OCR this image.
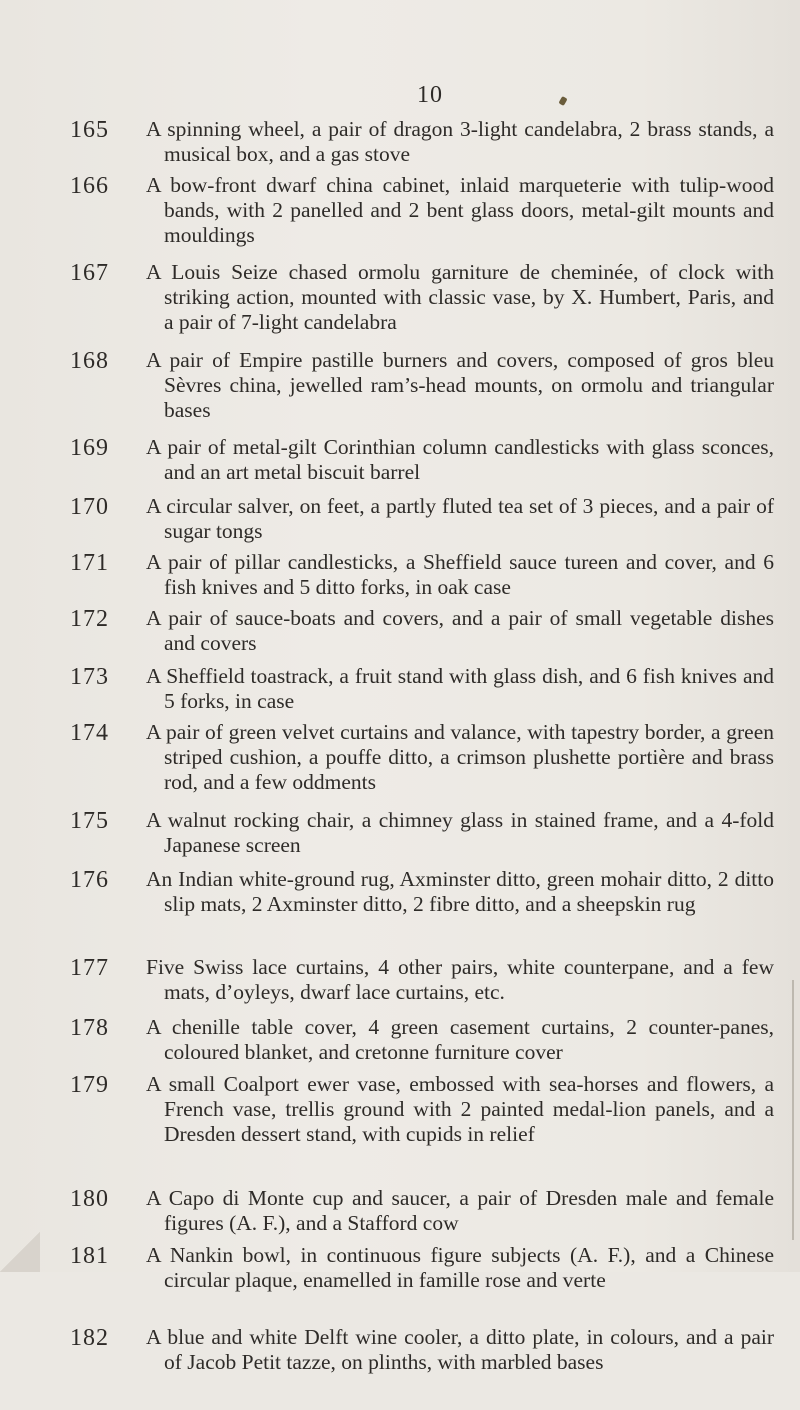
10
165 A spinning wheel, a pair of dragon 3-light candelabra, 2 brass stands, a musical box, and a gas stove
166 A bow-front dwarf china cabinet, inlaid marqueterie with tulip-wood bands, with 2 panelled and 2 bent glass doors, metal-gilt mounts and mouldings
167 A Louis Seize chased ormolu garniture de cheminée, of clock with striking action, mounted with classic vase, by X. Humbert, Paris, and a pair of 7-light candelabra
168 A pair of Empire pastille burners and covers, composed of gros bleu Sèvres china, jewelled ram’s-head mounts, on ormolu and triangular bases
169 A pair of metal-gilt Corinthian column candlesticks with glass sconces, and an art metal biscuit barrel
170 A circular salver, on feet, a partly fluted tea set of 3 pieces, and a pair of sugar tongs
171 A pair of pillar candlesticks, a Sheffield sauce tureen and cover, and 6 fish knives and 5 ditto forks, in oak case
172 A pair of sauce-boats and covers, and a pair of small vegetable dishes and covers
173 A Sheffield toastrack, a fruit stand with glass dish, and 6 fish knives and 5 forks, in case
174 A pair of green velvet curtains and valance, with tapestry border, a green striped cushion, a pouffe ditto, a crimson plushette portière and brass rod, and a few oddments
175 A walnut rocking chair, a chimney glass in stained frame, and a 4-fold Japanese screen
176 An Indian white-ground rug, Axminster ditto, green mohair ditto, 2 ditto slip mats, 2 Axminster ditto, 2 fibre ditto, and a sheepskin rug
177 Five Swiss lace curtains, 4 other pairs, white counterpane, and a few mats, d’oyleys, dwarf lace curtains, etc.
178 A chenille table cover, 4 green casement curtains, 2 counter-panes, coloured blanket, and cretonne furniture cover
179 A small Coalport ewer vase, embossed with sea-horses and flowers, a French vase, trellis ground with 2 painted medal-lion panels, and a Dresden dessert stand, with cupids in relief
180 A Capo di Monte cup and saucer, a pair of Dresden male and female figures (A. F.), and a Stafford cow
181 A Nankin bowl, in continuous figure subjects (A. F.), and a Chinese circular plaque, enamelled in famille rose and verte
182 A blue and white Delft wine cooler, a ditto plate, in colours, and a pair of Jacob Petit tazze, on plinths, with marbled bases
